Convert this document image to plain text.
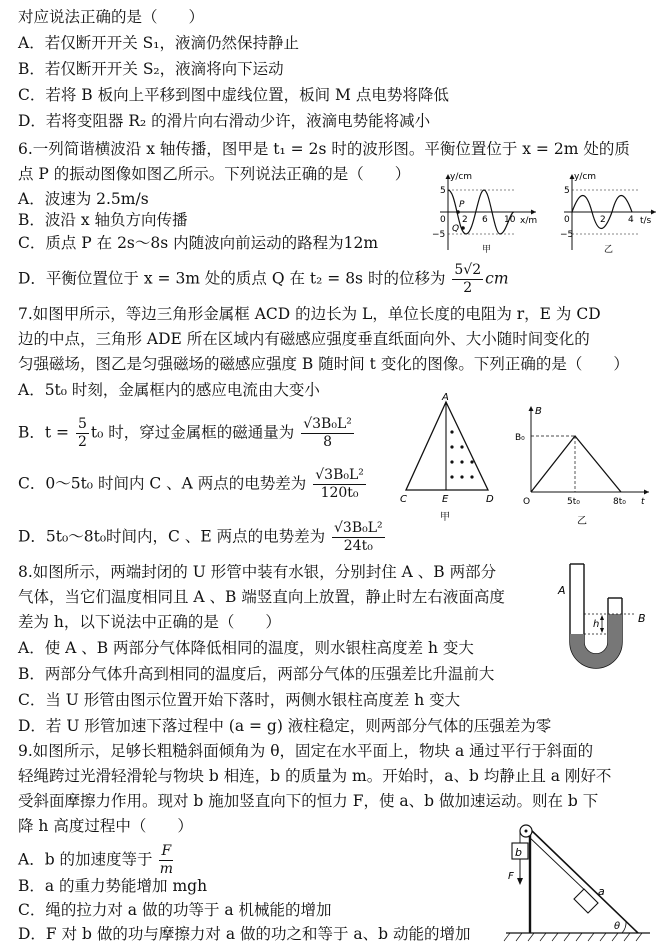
对应说法正确的是（　　）
A．若仅断开开关 S₁，液滴仍然保持静止
B．若仅断开开关 S₂，液滴将向下运动
C．若将 B 板向上平移到图中虚线位置，板间 M 点电势将降低
D．若将变阻器 R₂ 的滑片向右滑动少许，液滴电势能将减小
6.一列简谐横波沿 x 轴传播，图甲是 t₁ = 2s 时的波形图。平衡位置位于 x = 2m 处的质
点 P 的振动图像如图乙所示。下列说法正确的是（　　）
A．波速为 2.5m/s
B．波沿 x 轴负方向传播
C．质点 P 在 2s～8s 内随波向前运动的路程为12m
D．平衡位置位于 x = 3m 处的质点 Q 在 t₂ = 8s 时的位移为 $\frac{5√2}{2}$ cm
y/cm
x/m
5
−5
0 2 6 10
P
Q
甲
y/cm
t/s
5
−5
0	2 4
乙
7.如图甲所示，等边三角形金属框 ACD 的边长为 L，单位长度的电阻为 r，E 为 CD
边的中点，三角形 ADE 所在区域内有磁感应强度垂直纸面向外、大小随时间变化的
匀强磁场，图乙是匀强磁场的磁感应强度 B 随时间 t 变化的图像。下列正确的是（　　）
A．5t₀ 时刻，金属框内的感应电流由大变小
B．$t = \frac{5}{2} t_0$ 时，穿过金属框的磁通量为 $\frac{\text{√3B₀L²}}{8}$
C．0～5t₀ 时间内 C 、A 两点的电势差为 $\frac{\text{√3B₀L²}}{\text{120t₀}}$
D．5t₀～8t₀时间内，C 、E 两点的电势差为 $\frac{\text{√3B₀L²}}{\text{24t₀}}$
A
C	E	D
甲
B
B₀
O	t
5t₀	8t₀
乙
8.如图所示，两端封闭的 U 形管中装有水银，分别封住 A 、B 两部分
气体，当它们温度相同且 A 、B 端竖直向上放置，静止时左右液面高度
差为 h，以下说法中正确的是（　　）
A．使 A 、B 两部分气体降低相同的温度，则水银柱高度差 h 变大
B．两部分气体升高到相同的温度后，两部分气体的压强差比升温前大
C．当 U 形管由图示位置开始下落时，两侧水银柱高度差 h 变大
D．若 U 形管加速下落过程中 (a = g) 液柱稳定，则两部分气体的压强差为零
h
A
B
9.如图所示，足够长粗糙斜面倾角为 θ，固定在水平面上，物块 a 通过平行于斜面的
轻绳跨过光滑轻滑轮与物块 b 相连，b 的质量为 m。开始时，a、b 均静止且 a 刚好不
受斜面摩擦力作用。现对 b 施加竖直向下的恒力 F，使 a、b 做加速运动。则在 b 下
降 h 高度过程中（　　）
A．b 的加速度等于 $\frac{F}{m}$
B．a 的重力势能增加 mgh
C．绳的拉力对 a 做的功等于 a 机械能的增加
D．F 对 b 做的功与摩擦力对 a 做的功之和等于 a、b 动能的增加
b
F
a
θ
